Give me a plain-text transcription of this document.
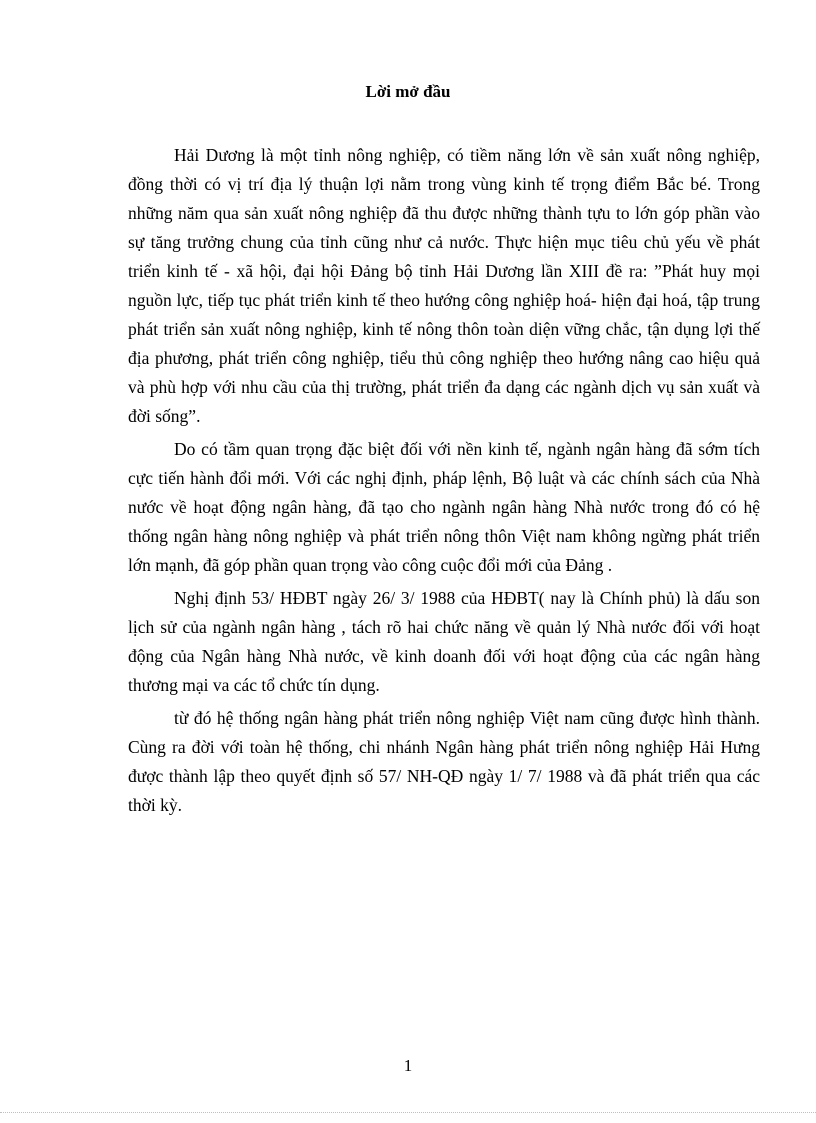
Lời mở đầu

Hải Dương là một tỉnh nông nghiệp, có tiềm năng lớn về sản xuất nông nghiệp, đồng thời có vị trí địa lý thuận lợi nằm trong vùng kinh tế trọng điểm Bắc bé. Trong những năm qua sản xuất nông nghiệp đã thu được những thành tựu to lớn góp phần vào sự tăng trưởng chung của tỉnh cũng như cả nước. Thực hiện mục tiêu chủ yếu về phát triển kinh tế - xã hội, đại hội Đảng bộ tỉnh Hải Dương lần XIII đề ra: ”Phát huy mọi nguồn lực, tiếp tục phát triển kinh tế theo hướng công nghiệp hoá- hiện đại hoá, tập trung phát triển sản xuất nông nghiệp, kinh tế nông thôn toàn diện vững chắc, tận dụng lợi thế địa phương, phát triển công nghiệp, tiểu thủ công nghiệp theo hướng nâng cao hiệu quả và phù hợp với nhu cầu của thị trường, phát triển đa dạng các ngành dịch vụ sản xuất và đời sống”.

Do có tầm quan trọng đặc biệt đối với nền kinh tế, ngành ngân hàng đã sớm tích cực tiến hành đổi mới. Với các nghị định, pháp lệnh, Bộ luật và các chính sách của Nhà nước về hoạt động ngân hàng, đã tạo cho ngành ngân hàng Nhà nước trong đó có hệ thống ngân hàng nông nghiệp và phát triển nông thôn Việt nam không ngừng phát triển lớn mạnh, đã góp phần quan trọng vào công cuộc đổi mới của Đảng .

Nghị định 53/ HĐBT ngày 26/ 3/ 1988 của HĐBT( nay là Chính phủ) là dấu son lịch sử của ngành ngân hàng , tách rõ hai chức năng về quản lý Nhà nước đối với hoạt động của Ngân hàng Nhà nước, về kinh doanh đối với hoạt động của các ngân hàng thương mại va các tổ chức tín dụng.

từ đó hệ thống ngân hàng phát triển nông nghiệp Việt nam cũng được hình thành. Cùng ra đời với toàn hệ thống, chi nhánh Ngân hàng phát triển nông nghiệp Hải Hưng được thành lập theo quyết định số 57/ NH-QĐ ngày 1/ 7/ 1988 và đã phát triển qua các thời kỳ.

1
